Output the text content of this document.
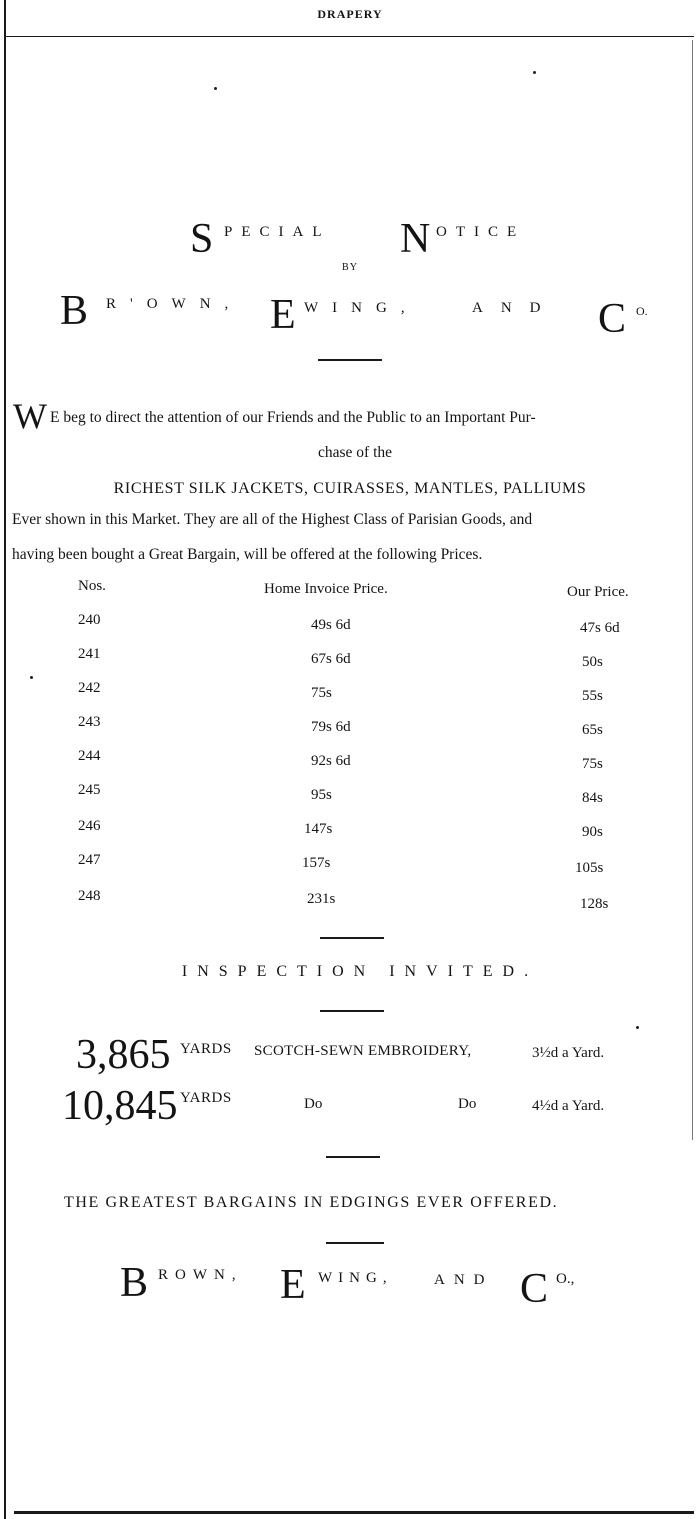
DRAPERY
S PECIAL N OTICE
BY
B R'OWN, E WING,	AND C O.
W E beg to direct the attention of our Friends and the Public to an Important Pur-
chase of the
RICHEST SILK JACKETS, CUIRASSES, MANTLES, PALLIUMS
Ever shown in this Market. They are all of the Highest Class of Parisian Goods, and
having been bought a Great Bargain, will be offered at the following Prices.
Nos.	Home Invoice Price.	Our Price.
240	49s 6d	47s 6d
241	67s 6d	50s
242	75s	55s
243	79s 6d	65s
244	92s 6d	75s
245	95s	84s
246	147s	90s
247	157s	105s
248	231s	128s
INSPECTION INVITED.
3,865 YARDS SCOTCH-SEWN EMBROIDERY,	3½d a Yard.
10,845 YARDS	Do	Do	4½d a Yard.
THE GREATEST BARGAINS IN EDGINGS EVER OFFERED.
B ROWN, E WING,	AND C O.,
